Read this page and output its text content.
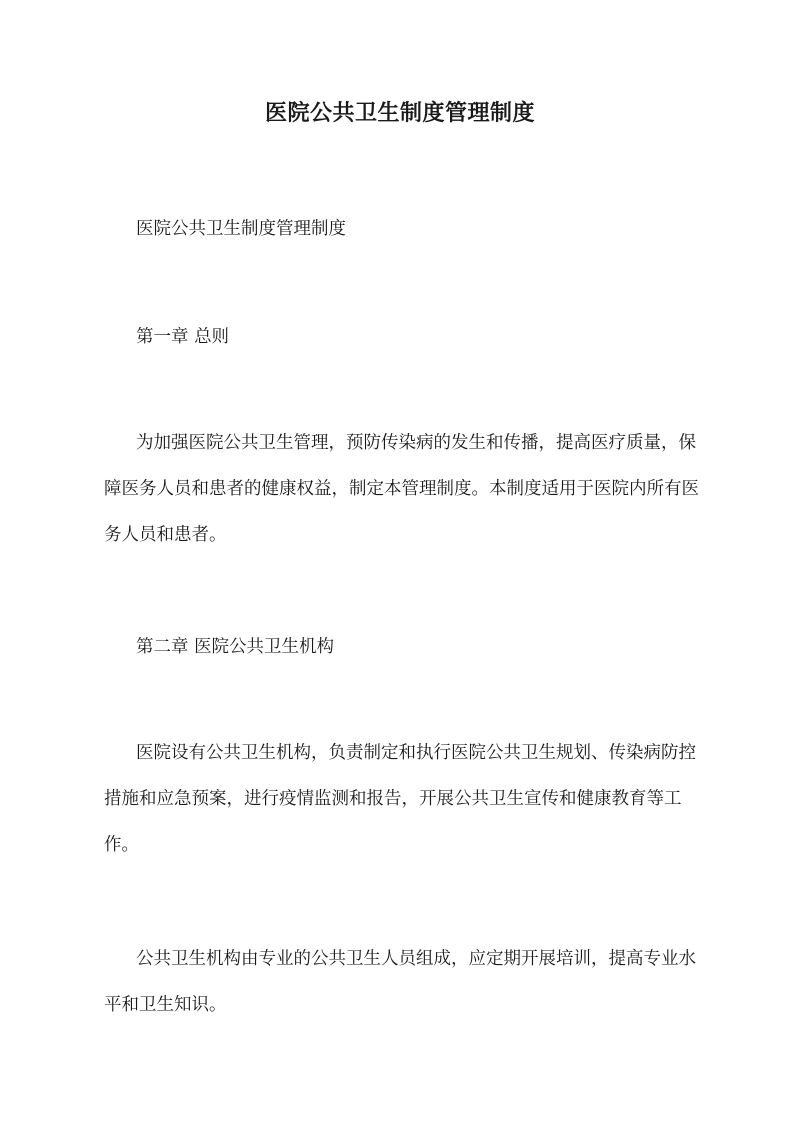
医院公共卫生制度管理制度

医院公共卫生制度管理制度

第一章 总则

为加强医院公共卫生管理，预防传染病的发生和传播，提高医疗质量，保障医务人员和患者的健康权益，制定本管理制度。本制度适用于医院内所有医务人员和患者。

第二章 医院公共卫生机构

医院设有公共卫生机构，负责制定和执行医院公共卫生规划、传染病防控措施和应急预案，进行疫情监测和报告，开展公共卫生宣传和健康教育等工作。

公共卫生机构由专业的公共卫生人员组成，应定期开展培训，提高专业水平和卫生知识。
